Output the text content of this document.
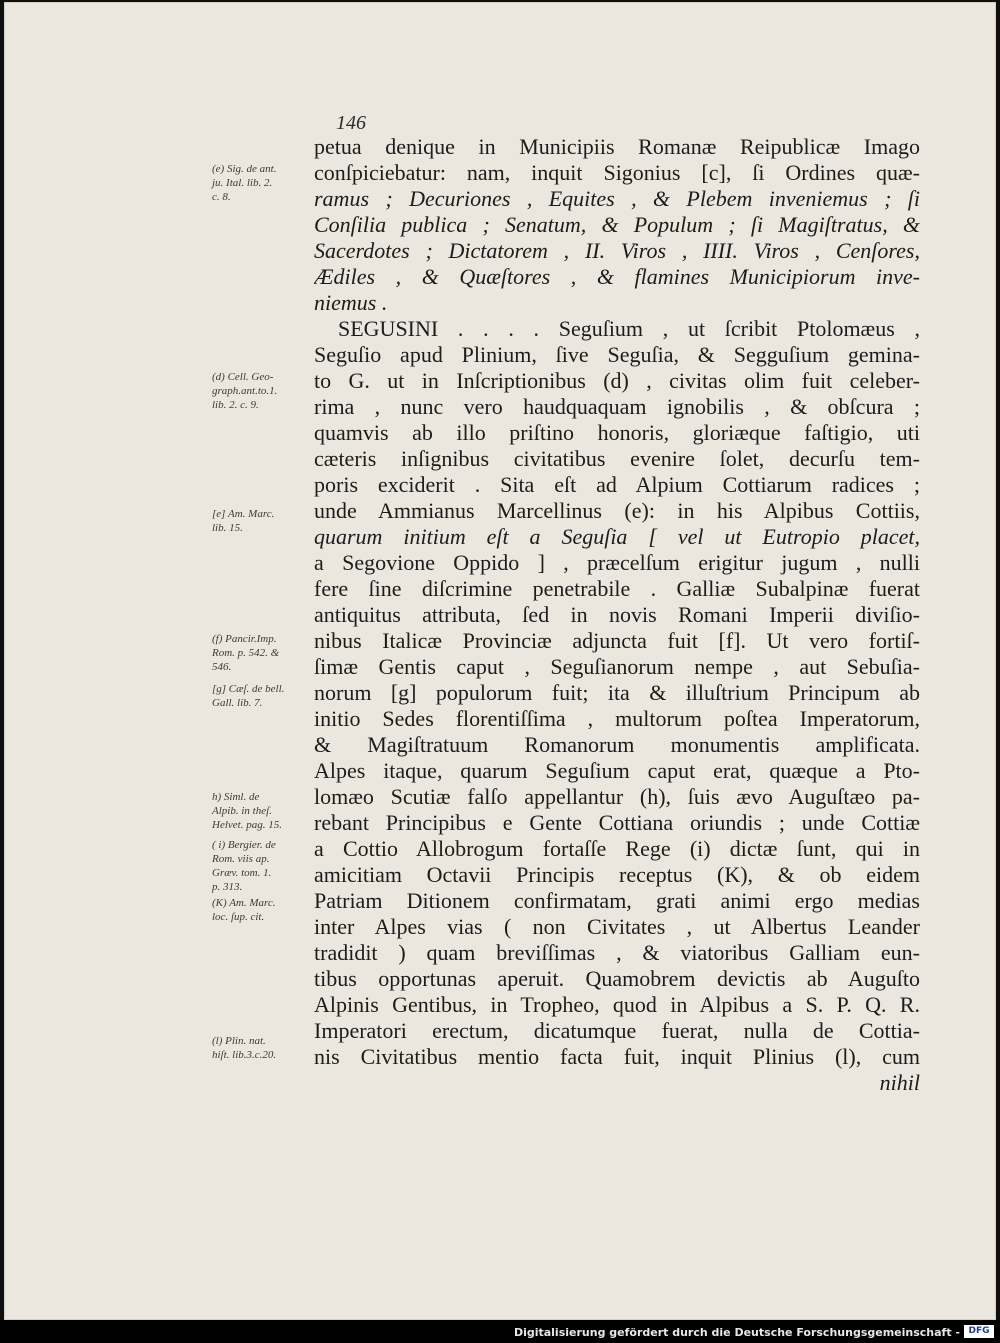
146
petua denique in Municipiis Romanæ Reipublicæ Imago
conſpiciebatur: nam, inquit Sigonius [c], ſi Ordines quæ-
ramus ; Decuriones , Equites , & Plebem inveniemus ; ſi
Conſilia publica ; Senatum, & Populum ; ſi Magiſtratus, &
Sacerdotes ; Dictatorem , II. Viros , IIII. Viros , Cenſores,
Ædiles , & Quæſtores , & flamines Municipiorum inve-
niemus .
SEGUSINI . . . . Seguſium , ut ſcribit Ptolomæus ,
Seguſio apud Plinium, ſive Seguſia, & Segguſium gemina-
to G. ut in Inſcriptionibus (d) , civitas olim fuit celeber-
rima , nunc vero haudquaquam ignobilis , & obſcura ;
quamvis ab illo priſtino honoris, gloriæque faſtigio, uti
cæteris inſignibus civitatibus evenire ſolet, decurſu tem-
poris exciderit . Sita eſt ad Alpium Cottiarum radices ;
unde Ammianus Marcellinus (e): in his Alpibus Cottiis,
quarum initium eſt a Seguſia [ vel ut Eutropio placet,
a Segovione Oppido ] , præcelſum erigitur jugum , nulli
fere ſine diſcrimine penetrabile . Galliæ Subalpinæ fuerat
antiquitus attributa, ſed in novis Romani Imperii diviſio-
nibus Italicæ Provinciæ adjuncta fuit [f]. Ut vero fortiſ-
ſimæ Gentis caput , Seguſianorum nempe , aut Sebuſia-
norum [g] populorum fuit; ita & illuſtrium Principum ab
initio Sedes florentiſſima , multorum poſtea Imperatorum,
& Magiſtratuum Romanorum monumentis amplificata.
Alpes itaque, quarum Seguſium caput erat, quæque a Pto-
lomæo Scutiæ falſo appellantur (h), ſuis ævo Auguſtæo pa-
rebant Principibus e Gente Cottiana oriundis ; unde Cottiæ
a Cottio Allobrogum fortaſſe Rege (i) dictæ ſunt, qui in
amicitiam Octavii Principis receptus (K), & ob eidem
Patriam Ditionem confirmatam, grati animi ergo medias
inter Alpes vias ( non Civitates , ut Albertus Leander
tradidit ) quam breviſſimas , & viatoribus Galliam eun-
tibus opportunas aperuit. Quamobrem devictis ab Auguſto
Alpinis Gentibus, in Tropheo, quod in Alpibus a S. P. Q. R.
Imperatori erectum, dicatumque fuerat, nulla de Cottia-
nis Civitatibus mentio facta fuit, inquit Plinius (l), cum
nihil
(e) Sig. de ant.
ju. Ital. lib. 2.
c. 8.
(d) Cell. Geo-
graph.ant.to.1.
lib. 2. c. 9.
[e] Am. Marc.
lib. 15.
(f) Pancir.Imp.
Rom. p. 542. &
546.
[g] Cæſ. de bell.
Gall. lib. 7.
h) Siml. de
Alpib. in theſ.
Helvet. pag. 15.
( i) Bergier. de
Rom. viis ap.
Græv. tom. 1.
p. 313.
(K) Am. Marc.
loc. ſup. cit.
(l) Plin. nat.
hiſt. lib.3.c.20.
Digitalisierung gefördert durch die Deutsche Forschungsgemeinschaft - DFG
